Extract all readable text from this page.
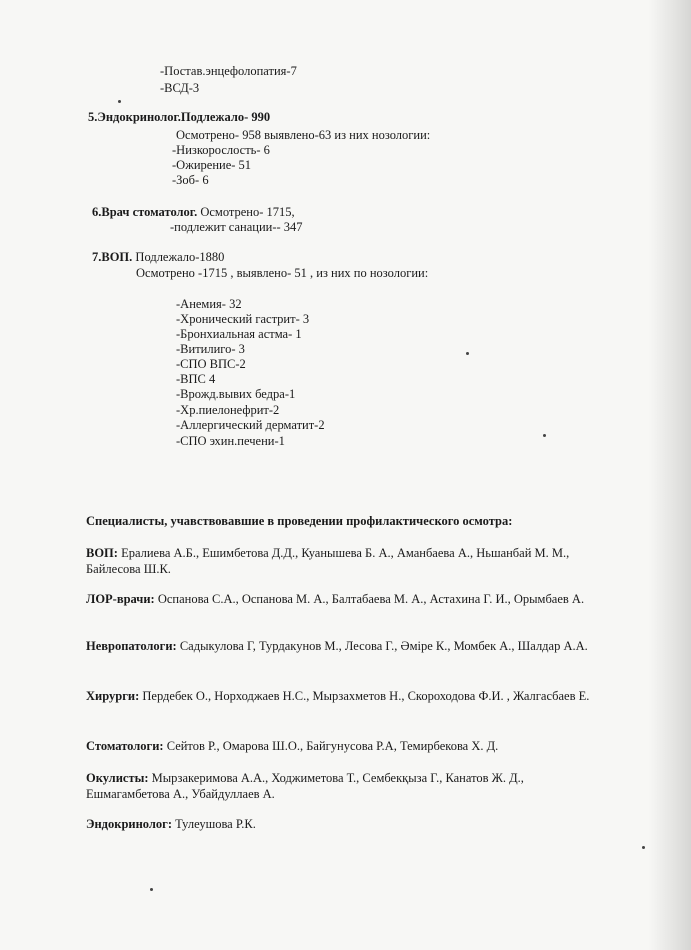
-Постав.энцефолопатия-7
-ВСД-3
5.Эндокринолог.Подлежало- 990
Осмотрено- 958 выявлено-63 из них нозологии:
-Низкорослость- 6
-Ожирение- 51
-Зоб- 6
6.Врач стоматолог. Осмотрено- 1715,
-подлежит санации-- 347
7.ВОП. Подлежало-1880
Осмотрено -1715 , выявлено- 51 , из них по нозологии:
-Анемия- 32
-Хронический гастрит- 3
-Бронхиальная астма- 1
-Витилиго- 3
-СПО ВПС-2
-ВПС 4
-Врожд.вывих бедра-1
-Хр.пиелонефрит-2
-Аллергический дерматит-2
-СПО эхин.печени-1
Специалисты, учавствовавшие в проведении профилактического осмотра:
ВОП: Ералиева А.Б., Ешимбетова Д.Д., Куанышева Б. А., Аманбаева А., Ньшанбай М. М., Байлесова Ш.К.
ЛОР-врачи: Оспанова С.А., Оспанова М. А., Балтабаева М. А., Астахина Г. И., Орымбаев А.
Невропатологи: Садыкулова Г, Турдакунов М., Лесова Г., Әміре К., Момбек А., Шалдар А.А.
Хирурги: Пердебек О., Норходжаев Н.С., Мырзахметов Н., Скороходова Ф.И. , Жалгасбаев Е.
Стоматологи: Сейтов Р., Омарова Ш.О., Байгунусова Р.А, Темирбекова Х. Д.
Окулисты: Мырзакеримова А.А., Ходжиметова Т., Сембекқыза Г., Канатов Ж. Д., Ешмагамбетова А., Убайдуллаев А.
Эндокринолог: Тулеушова Р.К.
